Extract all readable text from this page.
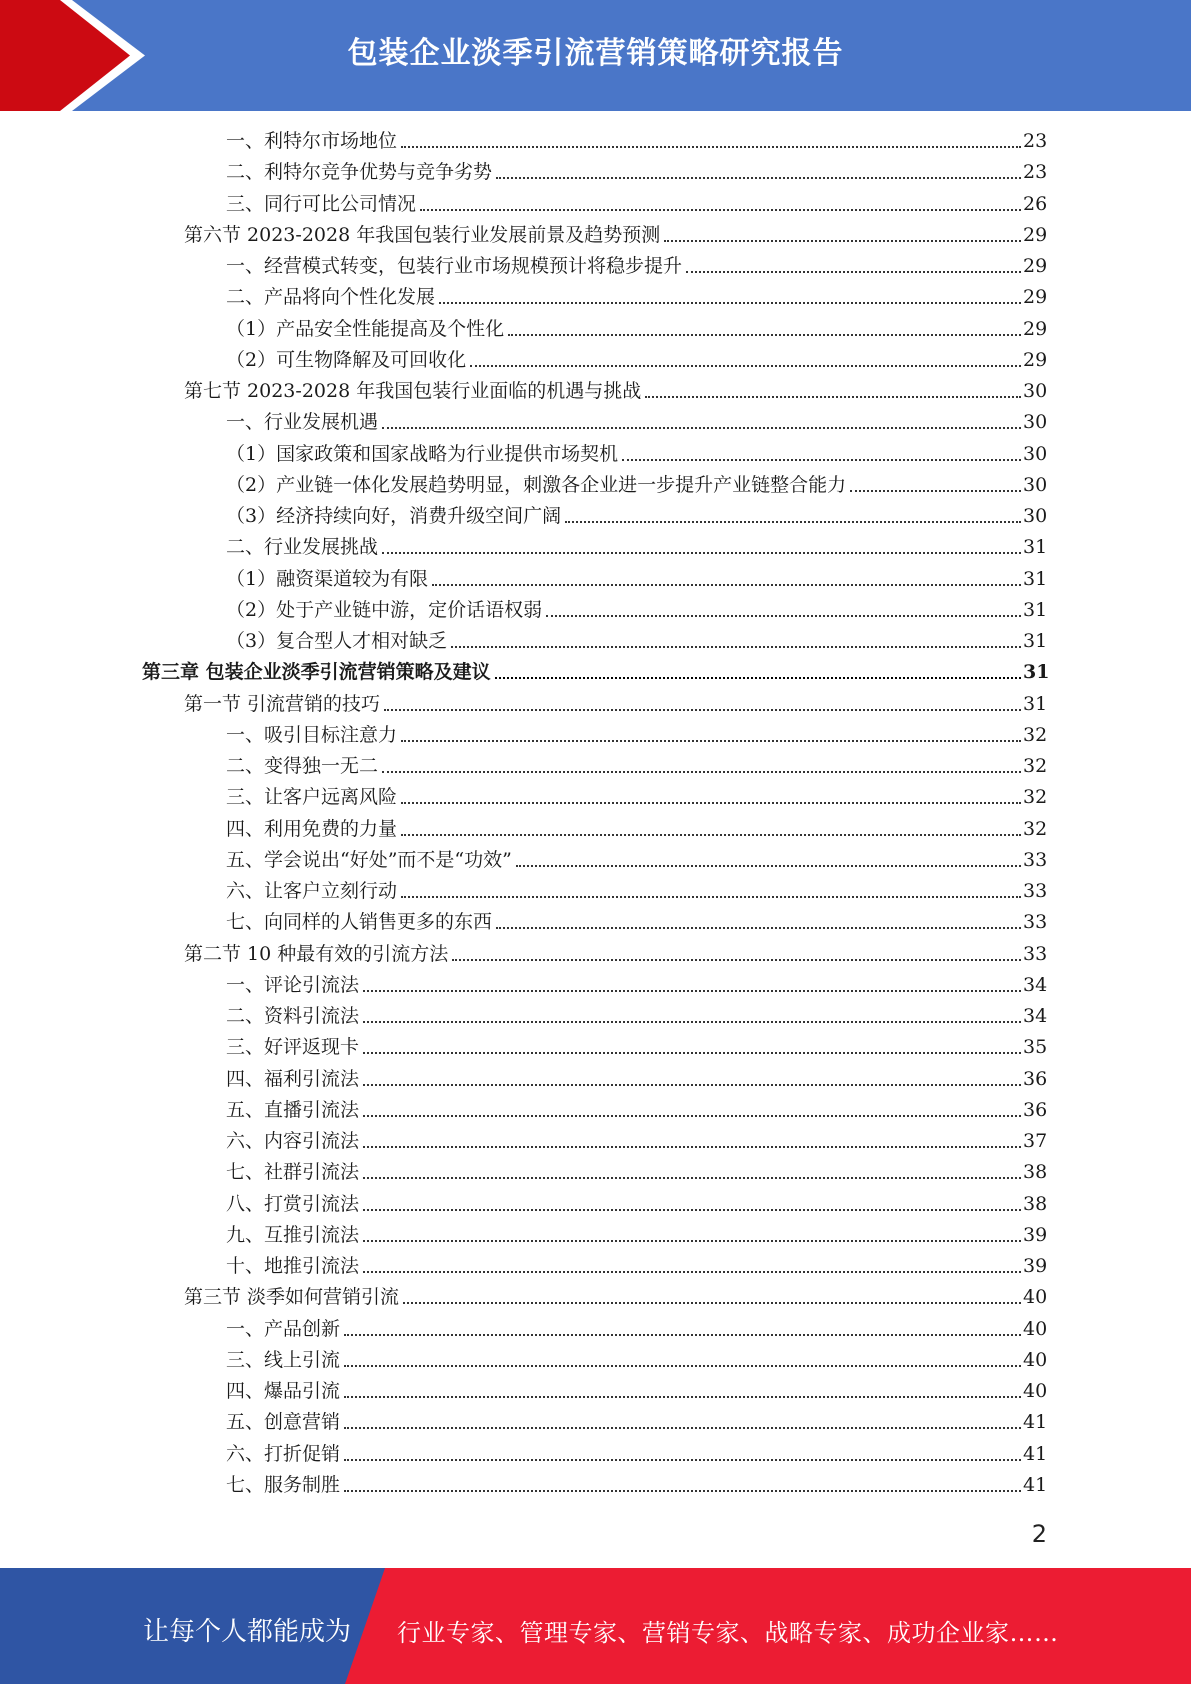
包装企业淡季引流营销策略研究报告
一、利特尔市场地位	23
二、利特尔竞争优势与竞争劣势	23
三、同行可比公司情况	26
第六节 2023-2028 年我国包装行业发展前景及趋势预测	29
一、经营模式转变，包装行业市场规模预计将稳步提升	29
二、产品将向个性化发展	29
（1）产品安全性能提高及个性化	29
（2）可生物降解及可回收化	29
第七节 2023-2028 年我国包装行业面临的机遇与挑战	30
一、行业发展机遇	30
（1）国家政策和国家战略为行业提供市场契机	30
（2）产业链一体化发展趋势明显，刺激各企业进一步提升产业链整合能力	30
（3）经济持续向好，消费升级空间广阔	30
二、行业发展挑战	31
（1）融资渠道较为有限	31
（2）处于产业链中游，定价话语权弱	31
（3）复合型人才相对缺乏	31
第三章 包装企业淡季引流营销策略及建议	31
第一节 引流营销的技巧	31
一、吸引目标注意力	32
二、变得独一无二	32
三、让客户远离风险	32
四、利用免费的力量	32
五、学会说出“好处”而不是“功效”	33
六、让客户立刻行动	33
七、向同样的人销售更多的东西	33
第二节 10 种最有效的引流方法	33
一、评论引流法	34
二、资料引流法	34
三、好评返现卡	35
四、福利引流法	36
五、直播引流法	36
六、内容引流法	37
七、社群引流法	38
八、打赏引流法	38
九、互推引流法	39
十、地推引流法	39
第三节 淡季如何营销引流	40
一、产品创新	40
三、线上引流	40
四、爆品引流	40
五、创意营销	41
六、打折促销	41
七、服务制胜	41
2
让每个人都能成为 行业专家、管理专家、营销专家、战略专家、成功企业家……
